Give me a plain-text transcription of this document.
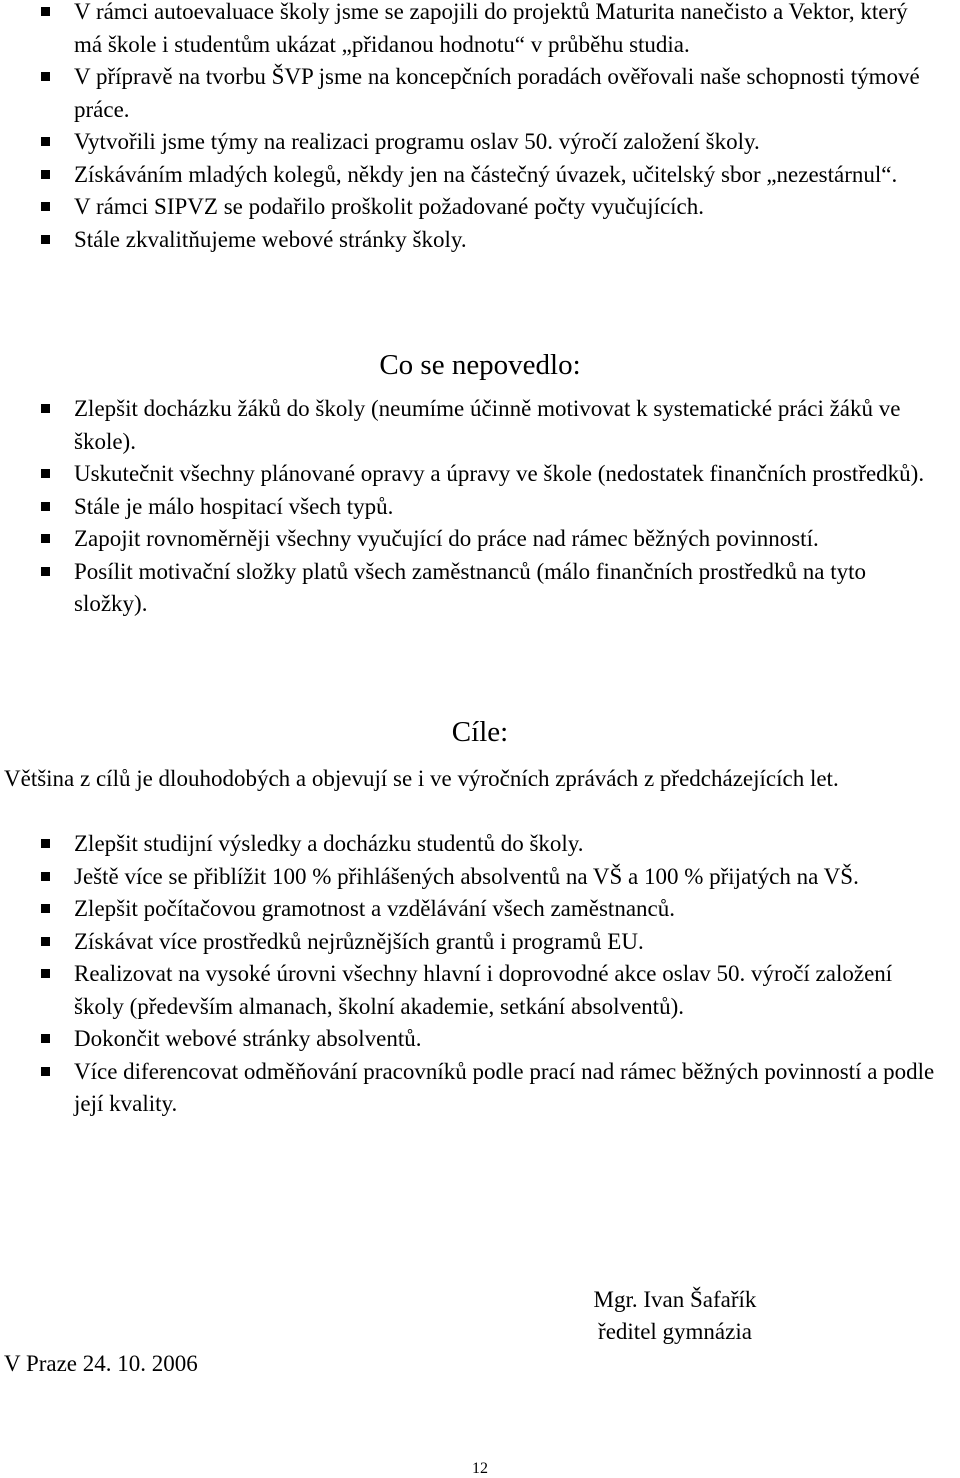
V rámci autoevaluace školy jsme se zapojili do projektů Maturita nanečisto a Vektor, který má škole i studentům ukázat „přidanou hodnotu“ v průběhu studia.
V přípravě na tvorbu ŠVP jsme na koncepčních poradách ověřovali naše schopnosti týmové práce.
Vytvořili jsme týmy na realizaci programu oslav 50. výročí založení školy.
Získáváním mladých kolegů, někdy jen na částečný úvazek, učitelský sbor „nezestárnul“.
V rámci SIPVZ se podařilo proškolit požadované počty vyučujících.
Stále zkvalitňujeme webové stránky školy.
Co se nepovedlo:
Zlepšit docházku žáků do školy (neumíme účinně motivovat k systematické práci žáků ve škole).
Uskutečnit všechny plánované opravy a úpravy ve škole (nedostatek finančních prostředků).
Stále je málo hospitací všech typů.
Zapojit rovnoměrněji všechny vyučující do práce nad rámec běžných povinností.
Posílit motivační složky platů všech zaměstnanců (málo finančních prostředků na tyto složky).
Cíle:
Většina z cílů je dlouhodobých a objevují se i ve výročních zprávách z předcházejících let.
Zlepšit studijní výsledky a docházku studentů do školy.
Ještě více se přiblížit 100 % přihlášených absolventů na VŠ a 100 % přijatých na VŠ.
Zlepšit počítačovou gramotnost a vzdělávání všech zaměstnanců.
Získávat více prostředků nejrůznějších grantů i programů EU.
Realizovat na vysoké úrovni všechny hlavní i doprovodné akce oslav 50. výročí založení školy (především almanach, školní akademie, setkání absolventů).
Dokončit webové stránky absolventů.
Více diferencovat odměňování pracovníků podle prací nad rámec běžných povinností a podle její kvality.
Mgr. Ivan Šafařík
ředitel gymnázia
V Praze 24. 10. 2006
12
